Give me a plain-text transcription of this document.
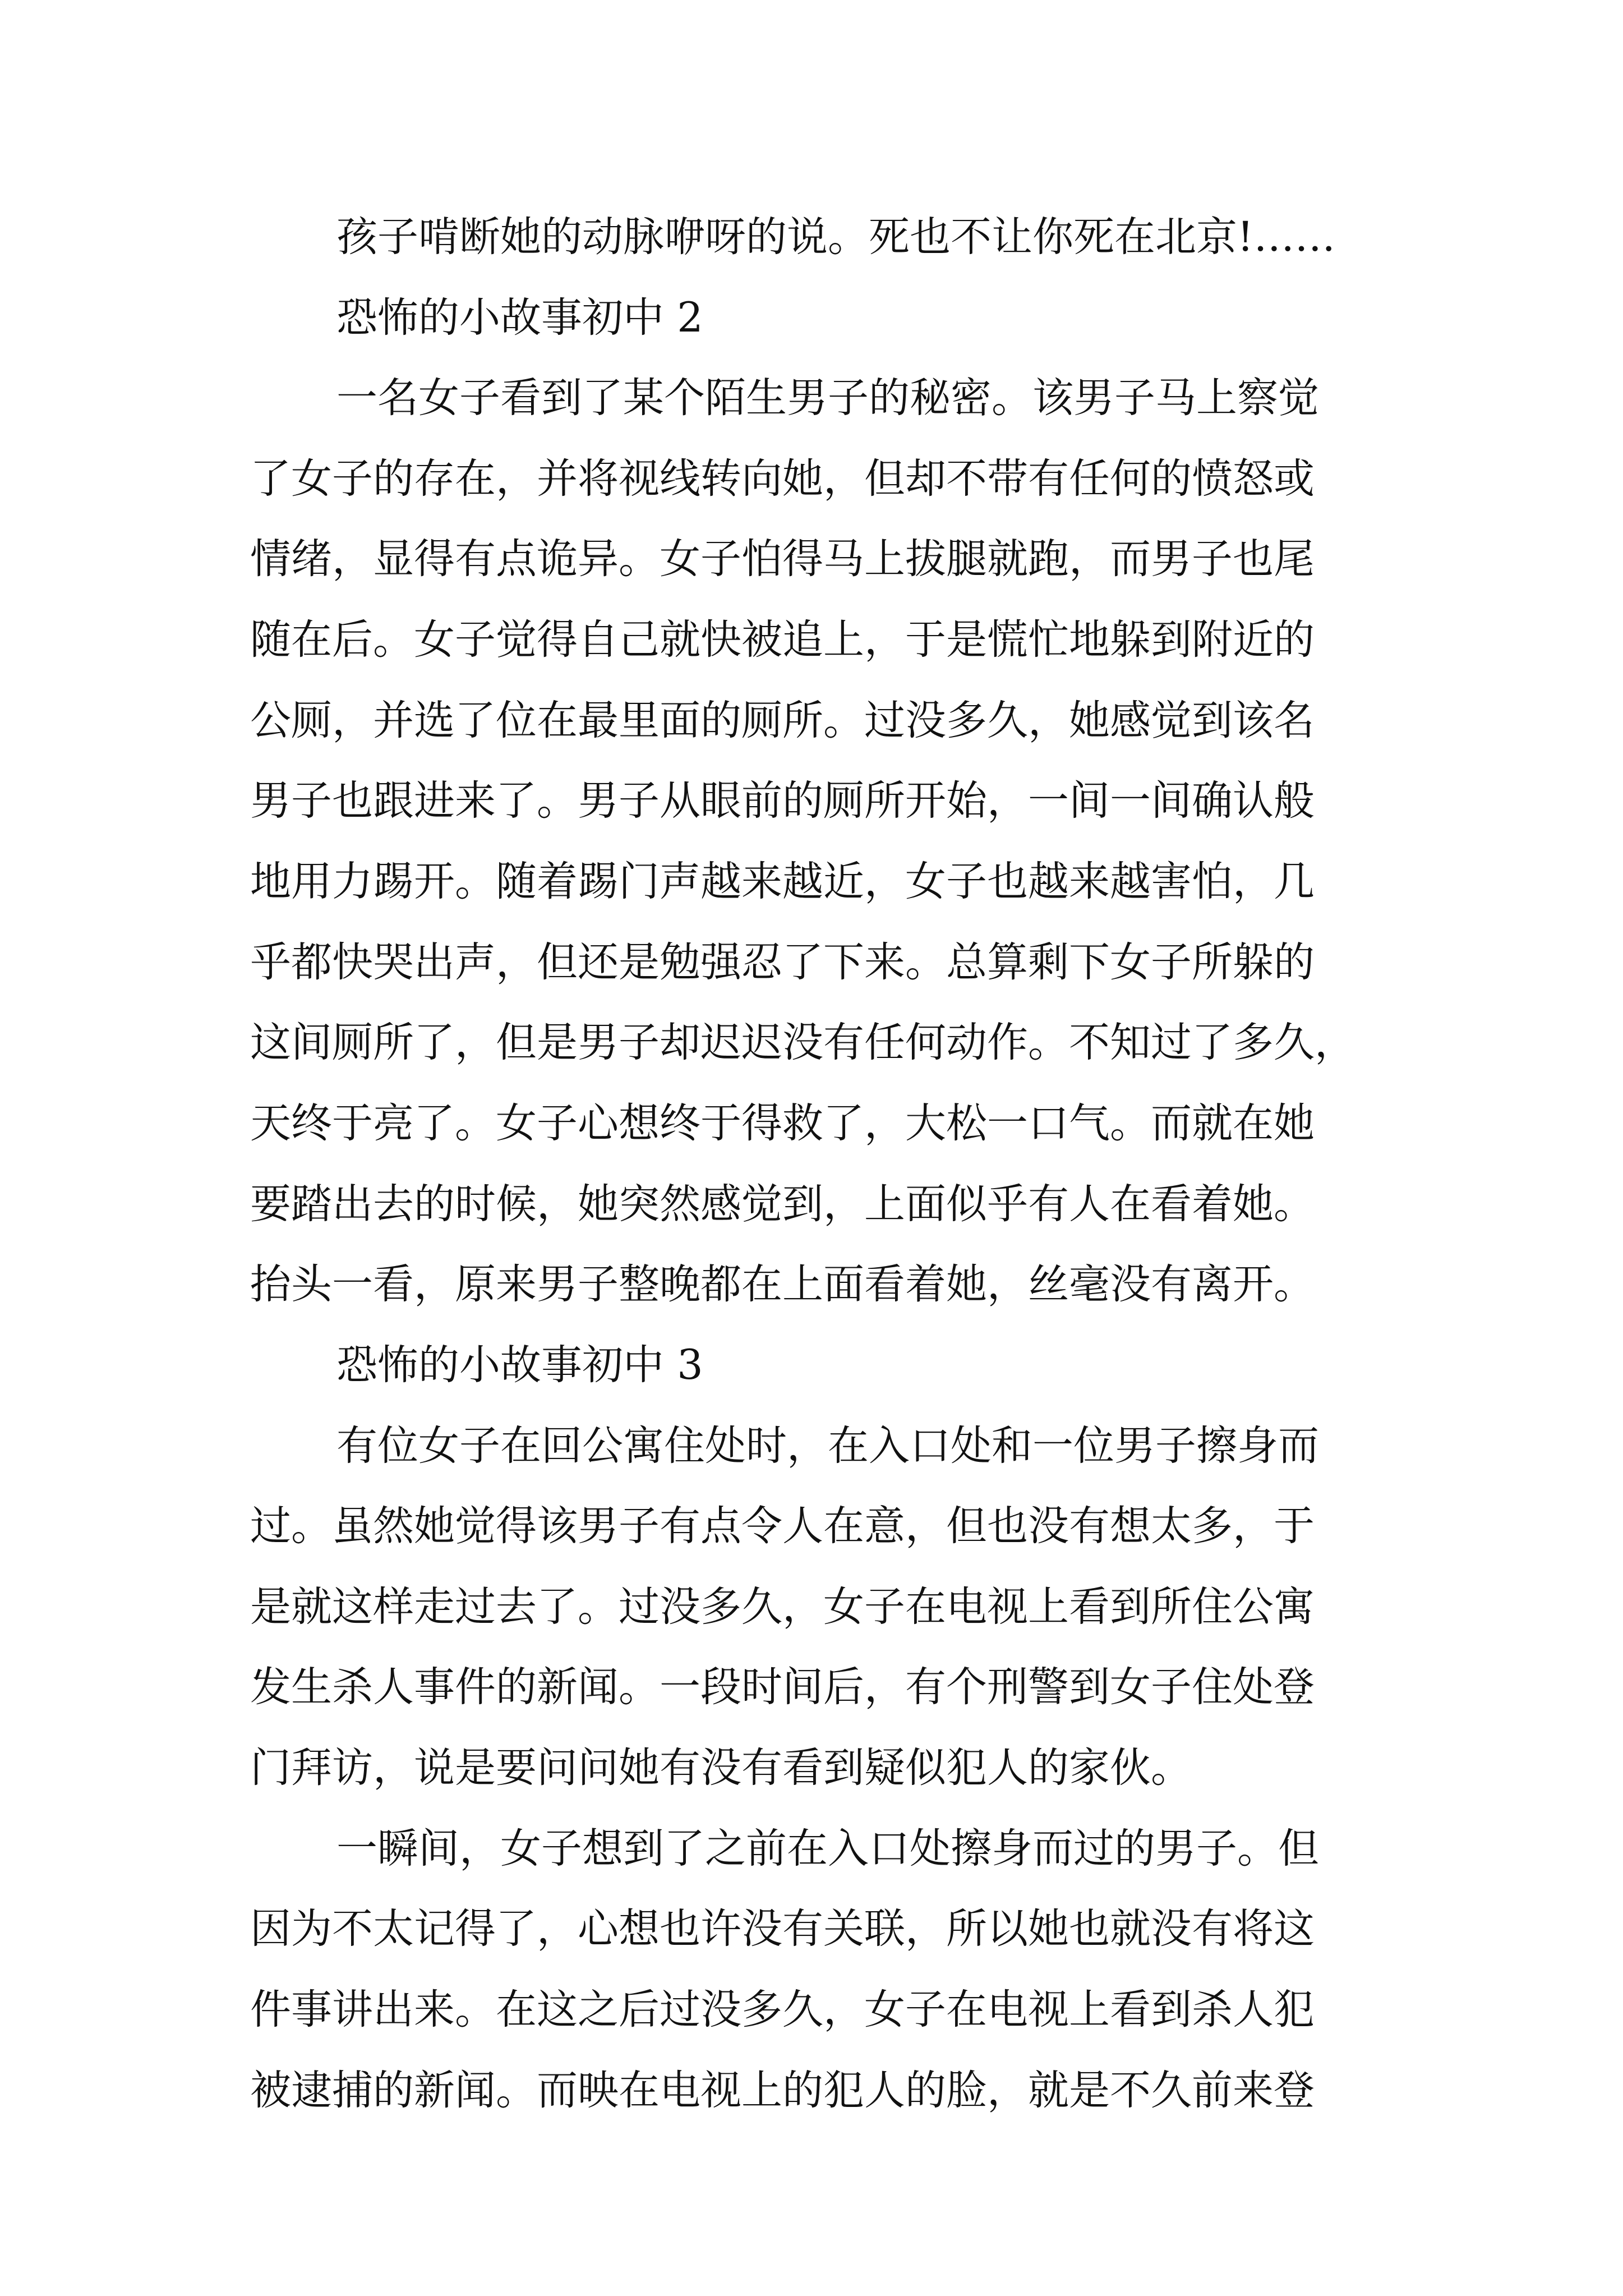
孩子啃断她的动脉咿呀的说。死也不让你死在北京!……
恐怖的小故事初中 2
一名女子看到了某个陌生男子的秘密。该男子马上察觉
了女子的存在，并将视线转向她，但却不带有任何的愤怒或
情绪，显得有点诡异。女子怕得马上拔腿就跑，而男子也尾
随在后。女子觉得自己就快被追上，于是慌忙地躲到附近的
公厕，并选了位在最里面的厕所。过没多久，她感觉到该名
男子也跟进来了。男子从眼前的厕所开始，一间一间确认般
地用力踢开。随着踢门声越来越近，女子也越来越害怕，几
乎都快哭出声，但还是勉强忍了下来。总算剩下女子所躲的
这间厕所了，但是男子却迟迟没有任何动作。不知过了多久，
天终于亮了。女子心想终于得救了，大松一口气。而就在她
要踏出去的时候，她突然感觉到，上面似乎有人在看着她。
抬头一看，原来男子整晚都在上面看着她，丝毫没有离开。
恐怖的小故事初中 3
有位女子在回公寓住处时，在入口处和一位男子擦身而
过。虽然她觉得该男子有点令人在意，但也没有想太多，于
是就这样走过去了。过没多久，女子在电视上看到所住公寓
发生杀人事件的新闻。一段时间后，有个刑警到女子住处登
门拜访，说是要问问她有没有看到疑似犯人的家伙。
一瞬间，女子想到了之前在入口处擦身而过的男子。但
因为不太记得了，心想也许没有关联，所以她也就没有将这
件事讲出来。在这之后过没多久，女子在电视上看到杀人犯
被逮捕的新闻。而映在电视上的犯人的脸，就是不久前来登
